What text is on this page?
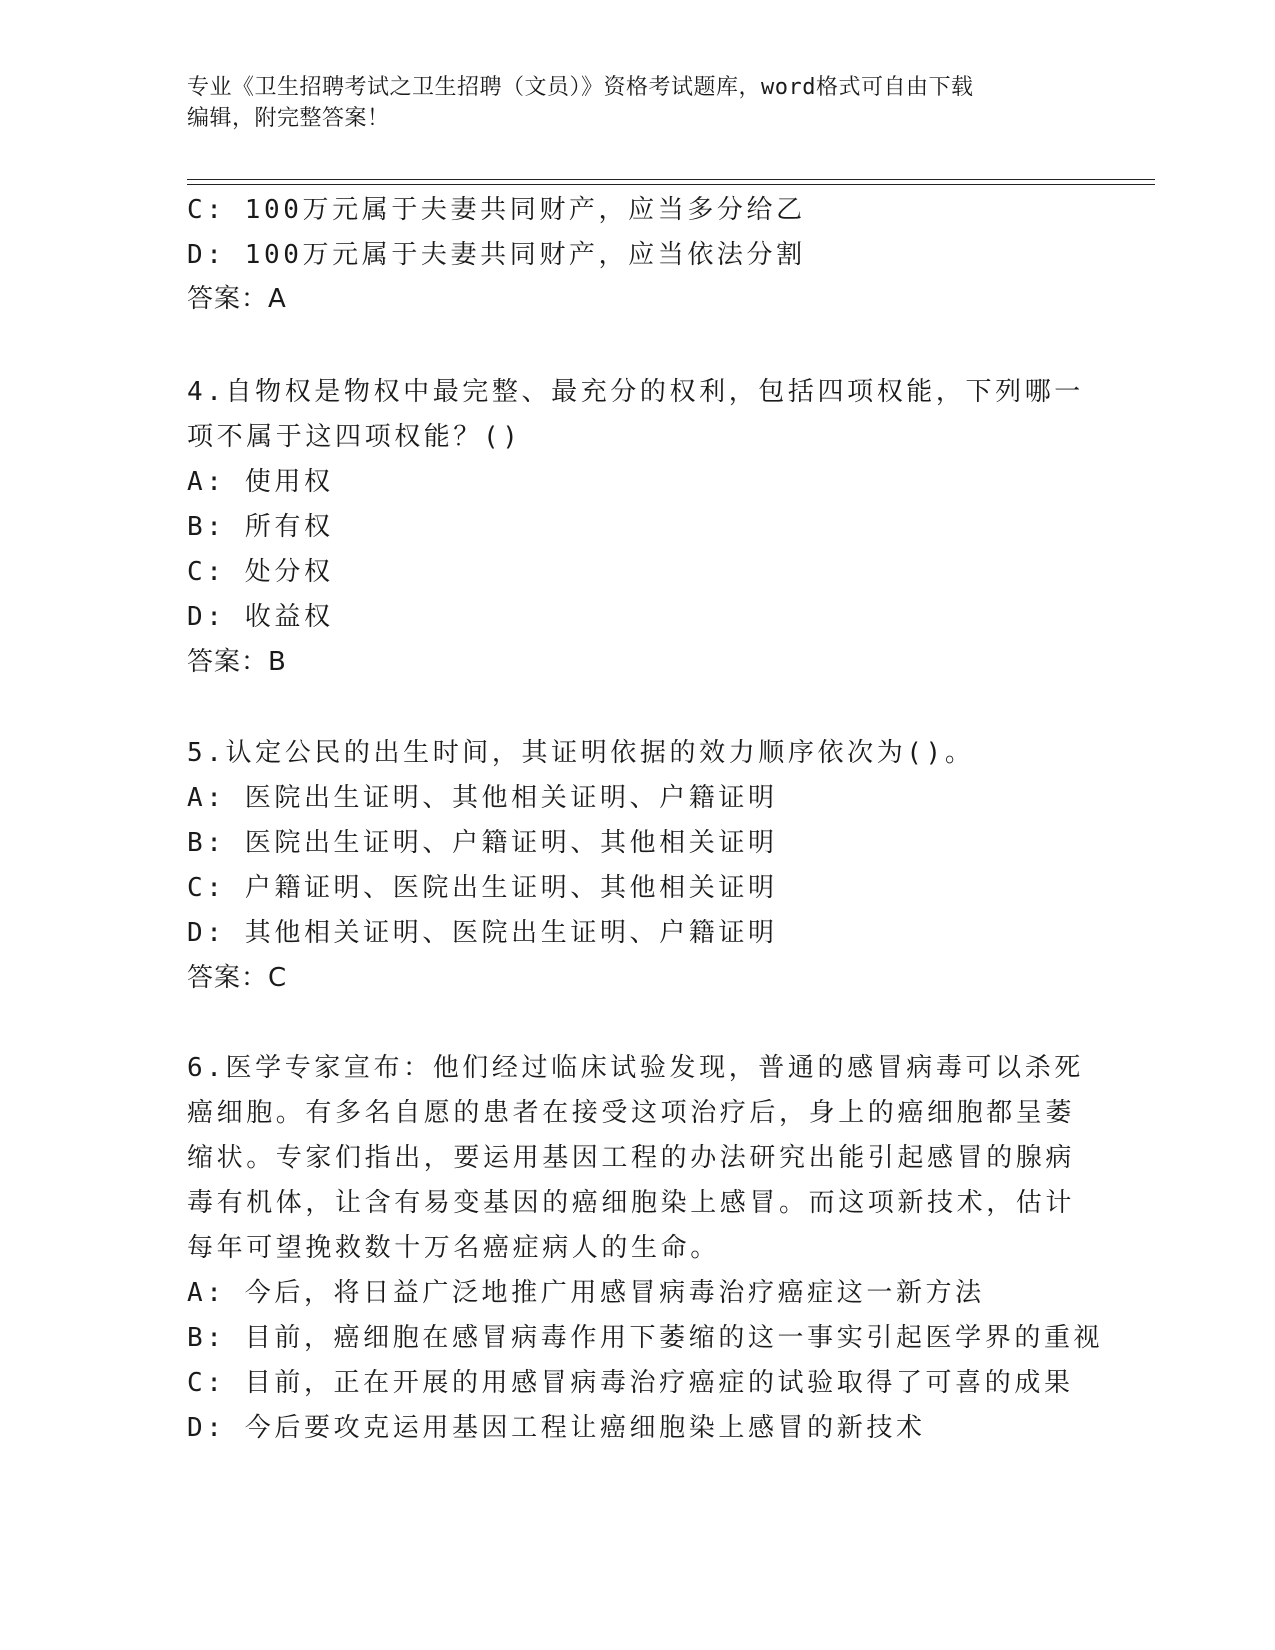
专业《卫生招聘考试之卫生招聘（文员）》资格考试题库，word格式可自由下载
编辑，附完整答案！
C: 100万元属于夫妻共同财产，应当多分给乙
D: 100万元属于夫妻共同财产，应当依法分割
答案：A
4.自物权是物权中最完整、最充分的权利，包括四项权能，下列哪一
项不属于这四项权能？()
A: 使用权
B: 所有权
C: 处分权
D: 收益权
答案：B
5.认定公民的出生时间，其证明依据的效力顺序依次为()。
A: 医院出生证明、其他相关证明、户籍证明
B: 医院出生证明、户籍证明、其他相关证明
C: 户籍证明、医院出生证明、其他相关证明
D: 其他相关证明、医院出生证明、户籍证明
答案：C
6.医学专家宣布：他们经过临床试验发现，普通的感冒病毒可以杀死
癌细胞。有多名自愿的患者在接受这项治疗后，身上的癌细胞都呈萎
缩状。专家们指出，要运用基因工程的办法研究出能引起感冒的腺病
毒有机体，让含有易变基因的癌细胞染上感冒。而这项新技术，估计
每年可望挽救数十万名癌症病人的生命。
A: 今后，将日益广泛地推广用感冒病毒治疗癌症这一新方法
B: 目前，癌细胞在感冒病毒作用下萎缩的这一事实引起医学界的重视
C: 目前，正在开展的用感冒病毒治疗癌症的试验取得了可喜的成果
D: 今后要攻克运用基因工程让癌细胞染上感冒的新技术
